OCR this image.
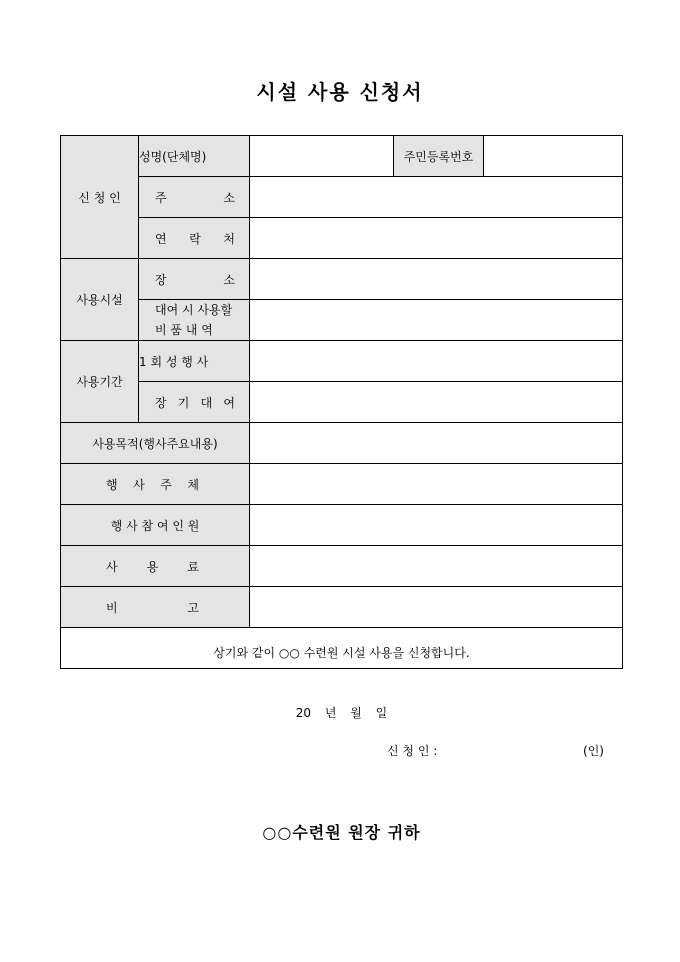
시설 사용 신청서
신 청 인	성명(단체명)		주민등록번호	

	주 소			

	연 락 처			

사용시설	장 소			

	대여 시 사용할
비 품 내 역			

사용기간	1 회 성 행 사			

	장 기 대 여			

사용목적(행사주요내용)				

행 사 주 체				

행 사 참 여 인 원				

사 용 료				

비 고				

상기와 같이 ○○ 수련원 시설 사용을 신청합니다.
20 년 월 일
신 청 인 : (인)
○○수련원 원장 귀하				
